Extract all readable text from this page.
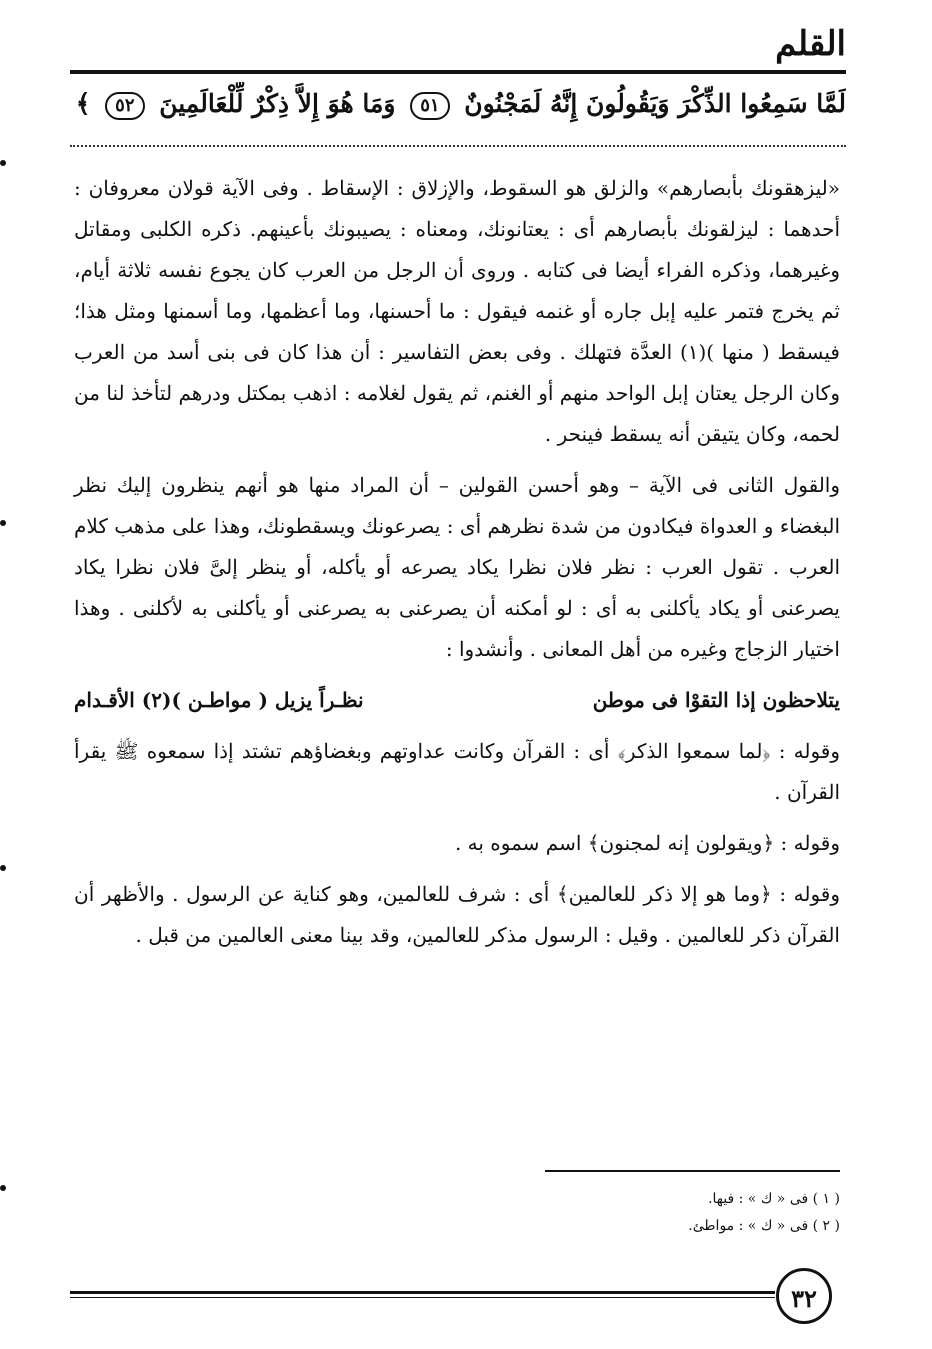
القلم
لَمَّا سَمِعُوا الذِّكْرَ وَيَقُولُونَ إِنَّهُ لَمَجْنُونٌ ٥١ وَمَا هُوَ إِلاَّ ذِكْرٌ لِّلْعَالَمِينَ ٥٢ ﴾

«ليزهقونك بأبصارهم» والزلق هو السقوط، والإزلاق : الإسقاط . وفى الآية قولان معروفان : أحدهما : ليزلقونك بأبصارهم أى : يعتانونك، ومعناه : يصيبونك بأعينهم. ذكره الكلبى ومقاتل وغيرهما، وذكره الفراء أيضا فى كتابه . وروى أن الرجل من العرب كان يجوع نفسه ثلاثة أيام، ثم يخرج فتمر عليه إبل جاره أو غنمه فيقول : ما أحسنها، وما أعظمها، وما أسمنها ومثل هذا؛ فيسقط ( منها )(١) العدَّة فتهلك . وفى بعض التفاسير : أن هذا كان فى بنى أسد من العرب وكان الرجل يعتان إبل الواحد منهم أو الغنم، ثم يقول لغلامه : اذهب بمكتل ودرهم لتأخذ لنا من لحمه، وكان يتيقن أنه يسقط فينحر .

والقول الثانى فى الآية – وهو أحسن القولين – أن المراد منها هو أنهم ينظرون إليك نظر البغضاء و العدواة فيكادون من شدة نظرهم أى : يصرعونك ويسقطونك، وهذا على مذهب كلام العرب . تقول العرب : نظر فلان نظرا يكاد يصرعه أو يأكله، أو ينظر إلىَّ فلان نظرا يكاد يصرعنى أو يكاد يأكلنى به أى : لو أمكنه أن يصرعنى به يصرعنى أو يأكلنى به لأكلنى . وهذا اختيار الزجاج وغيره من أهل المعانى . وأنشدوا :

يتلاحظون إذا التقوْا فى موطن
نظـراً يزيل ( مواطـن )(٢) الأقـدام

وقوله : ﴿لما سمعوا الذكر﴾ أى : القرآن وكانت عداوتهم وبغضاؤهم تشتد إذا سمعوه ﷺ يقرأ القرآن .

وقوله : ﴿ويقولون إنه لمجنون﴾ اسم سموه به .

وقوله : ﴿وما هو إلا ذكر للعالمين﴾ أى : شرف للعالمين، وهو كناية عن الرسول . والأظهر أن القرآن ذكر للعالمين . وقيل : الرسول مذكر للعالمين، وقد بينا معنى العالمين من قبل .

( ١ ) فى « ك » : فيها.
( ٢ ) فى « ك » : مواطئ.
٣٢
